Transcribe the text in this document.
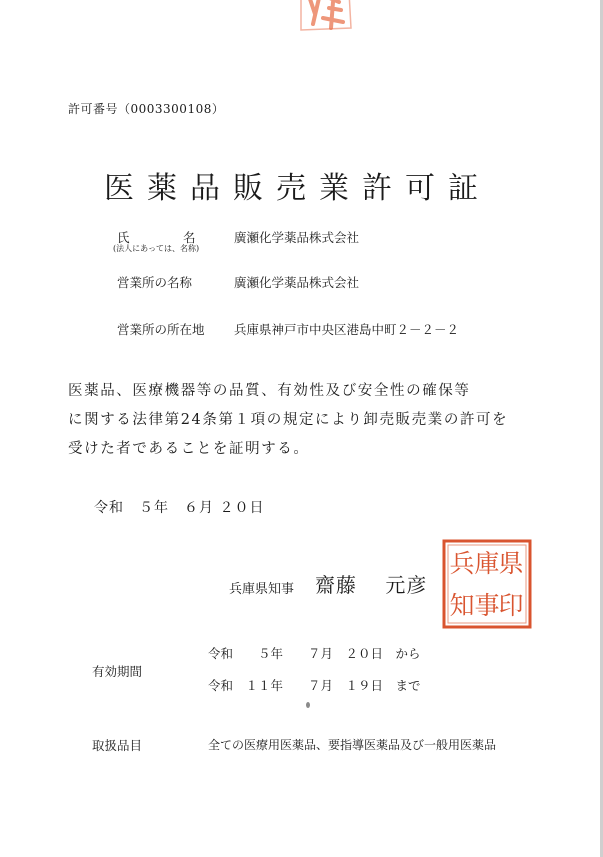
許可番号（0003300108）
医薬品販売業許可証
氏	名
(法人にあっては、名称)
廣瀬化学薬品株式会社
営業所の名称	廣瀬化学薬品株式会社
営業所の所在地 兵庫県神戸市中央区港島中町２－２－２

医薬品、医療機器等の品質、有効性及び安全性の確保等

に関する法律第24条第１項の規定により卸売販売業の許可を

受けた者であることを証明する。

令和　５年　６月 ２０日
兵庫県知事 齋藤　 元彦
県
印
庫
事
兵
知
有効期間
令和　　５年　　７月　２０日　から
令和　１１年　　７月　１９日　まで
取扱品目	全ての医療用医薬品、要指導医薬品及び一般用医薬品
